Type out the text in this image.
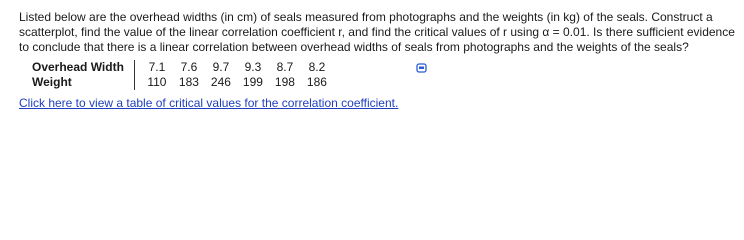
Listed below are the overhead widths (in cm) of seals measured from photographs and the weights (in kg) of the seals. Construct a scatterplot, find the value of the linear correlation coefficient r, and find the critical values of r using α = 0.01. Is there sufficient evidence to conclude that there is a linear correlation between overhead widths of seals from photographs and the weights of the seals?

Overhead Width	7.1	7.6	9.7	9.3	8.7	8.2
Weight	110	183	246	199	198	186
Click here to view a table of critical values for the correlation coefficient.
